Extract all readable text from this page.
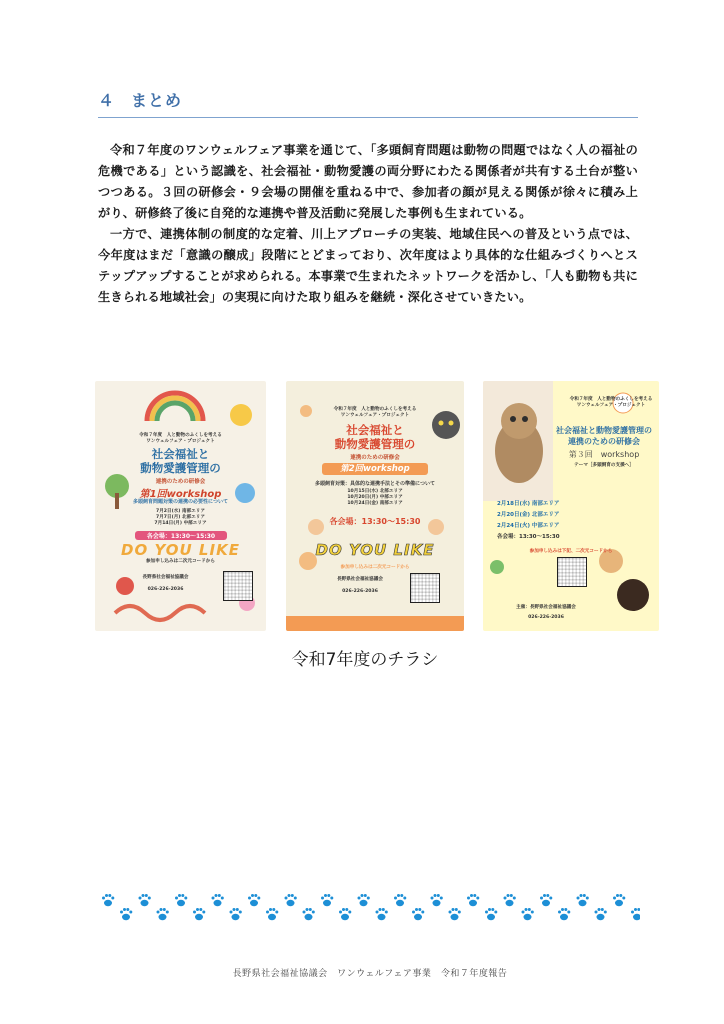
４ まとめ

令和７年度のワンウェルフェア事業を通じて、「多頭飼育問題は動物の問題ではなく人の福祉の危機である」という認識を、社会福祉・動物愛護の両分野にわたる関係者が共有する土台が整いつつある。３回の研修会・９会場の開催を重ねる中で、参加者の顔が見える関係が徐々に積み上がり、研修終了後に自発的な連携や普及活動に発展した事例も生まれている。

一方で、連携体制の制度的な定着、川上アプローチの実装、地域住民への普及という点では、今年度はまだ「意識の醸成」段階にとどまっており、次年度はより具体的な仕組みづくりへとステップアップすることが求められる。本事業で生まれたネットワークを活かし、「人も動物も共に生きられる地域社会」の実現に向けた取り組みを継続・深化させていきたい。

令和７年度　人と動物のふくしを考える
ワンウェルフェア・プロジェクト
社会福祉と
動物愛護管理の
連携のための研修会
第1回workshop
多頭飼育問題対策の連携の必要性について
7月2日(水) 南部エリア
7月7日(月) 北部エリア
7月14日(月) 中部エリア
各会場：13:30～15:30
DO YOU LIKE
参加申し込みは二次元コードから
長野県社会福祉協議会
026-226-2036
令和７年度　人と動物のふくしを考える
ワンウェルフェア・プロジェクト
社会福祉と
動物愛護管理の
連携のための研修会
第2回workshop
多頭飼育対策：具体的な連携手法とその準備について
10月15日(水) 北部エリア
10月20日(月) 中部エリア
10月24日(金) 南部エリア
各会場：13:30～15:30
DO YOU LIKE
参加申し込みは二次元コードから
長野県社会福祉協議会
026-226-2036
令和７年度　人と動物のふくしを考える
ワンウェルフェア・プロジェクト
社会福祉と動物愛護管理の
連携のための研修会
第３回　workshop
テーマ［多頭飼育の支援へ］
2月18日(水) 南部エリア
2月20日(金) 北部エリア
2月24日(火) 中部エリア
各会場：13:30～15:30
参加申し込みは下記、二次元コードから
主催：長野県社会福祉協議会
026-226-2036
令和7年度のチラシ
長野県社会福祉協議会　ワンウェルフェア事業　令和７年度報告
